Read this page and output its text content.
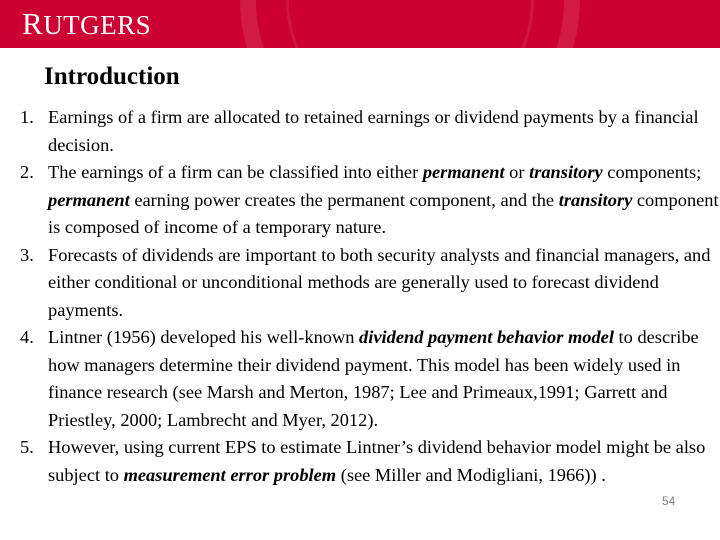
RUTGERS
Introduction
1. Earnings of a firm are allocated to retained earnings or dividend payments by a financial decision.
2. The earnings of a firm can be classified into either permanent or transitory components; permanent earning power creates the permanent component, and the transitory component is composed of income of a temporary nature.
3. Forecasts of dividends are important to both security analysts and financial managers, and either conditional or unconditional methods are generally used to forecast dividend payments.
4. Lintner (1956) developed his well-known dividend payment behavior model to describe how managers determine their dividend payment. This model has been widely used in finance research (see Marsh and Merton, 1987; Lee and Primeaux,1991; Garrett and Priestley, 2000; Lambrecht and Myer, 2012).
5. However, using current EPS to estimate Lintner’s dividend behavior model might be also subject to measurement error problem (see Miller and Modigliani, 1966)) .
54
